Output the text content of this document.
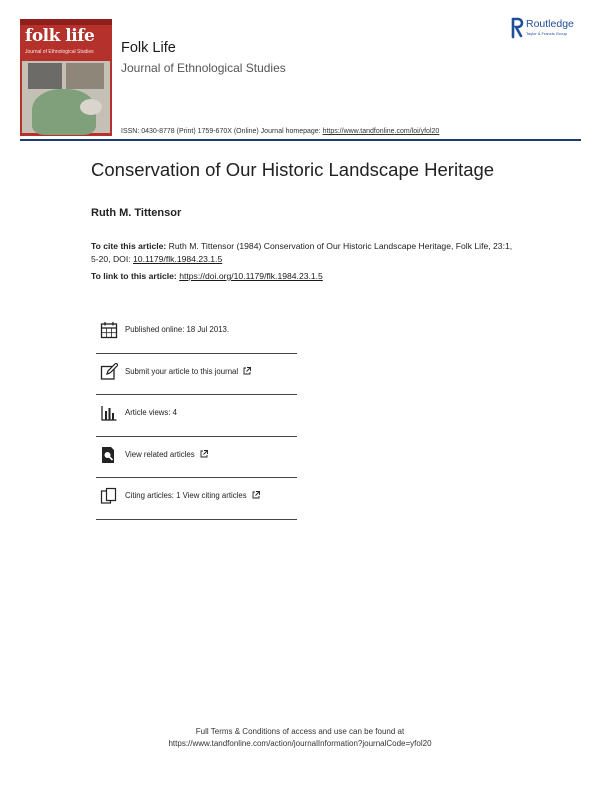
folk life
Journal of Ethnological Studies Folk Life
Journal of Ethnological Studies
Routledge
Taylor & Francis Group
ISSN: 0430-8778 (Print) 1759-670X (Online) Journal homepage: https://www.tandfonline.com/loi/yfol20
Conservation of Our Historic Landscape Heritage
Ruth M. Tittensor
To cite this article: Ruth M. Tittensor (1984) Conservation of Our Historic Landscape Heritage, Folk Life, 23:1, 5-20, DOI: 10.1179/flk.1984.23.1.5
To link to this article: https://doi.org/10.1179/flk.1984.23.1.5
Published online: 18 Jul 2013.
Submit your article to this journal
Article views: 4
View related articles
Citing articles: 1 View citing articles
Full Terms & Conditions of access and use can be found at
https://www.tandfonline.com/action/journalInformation?journalCode=yfol20
